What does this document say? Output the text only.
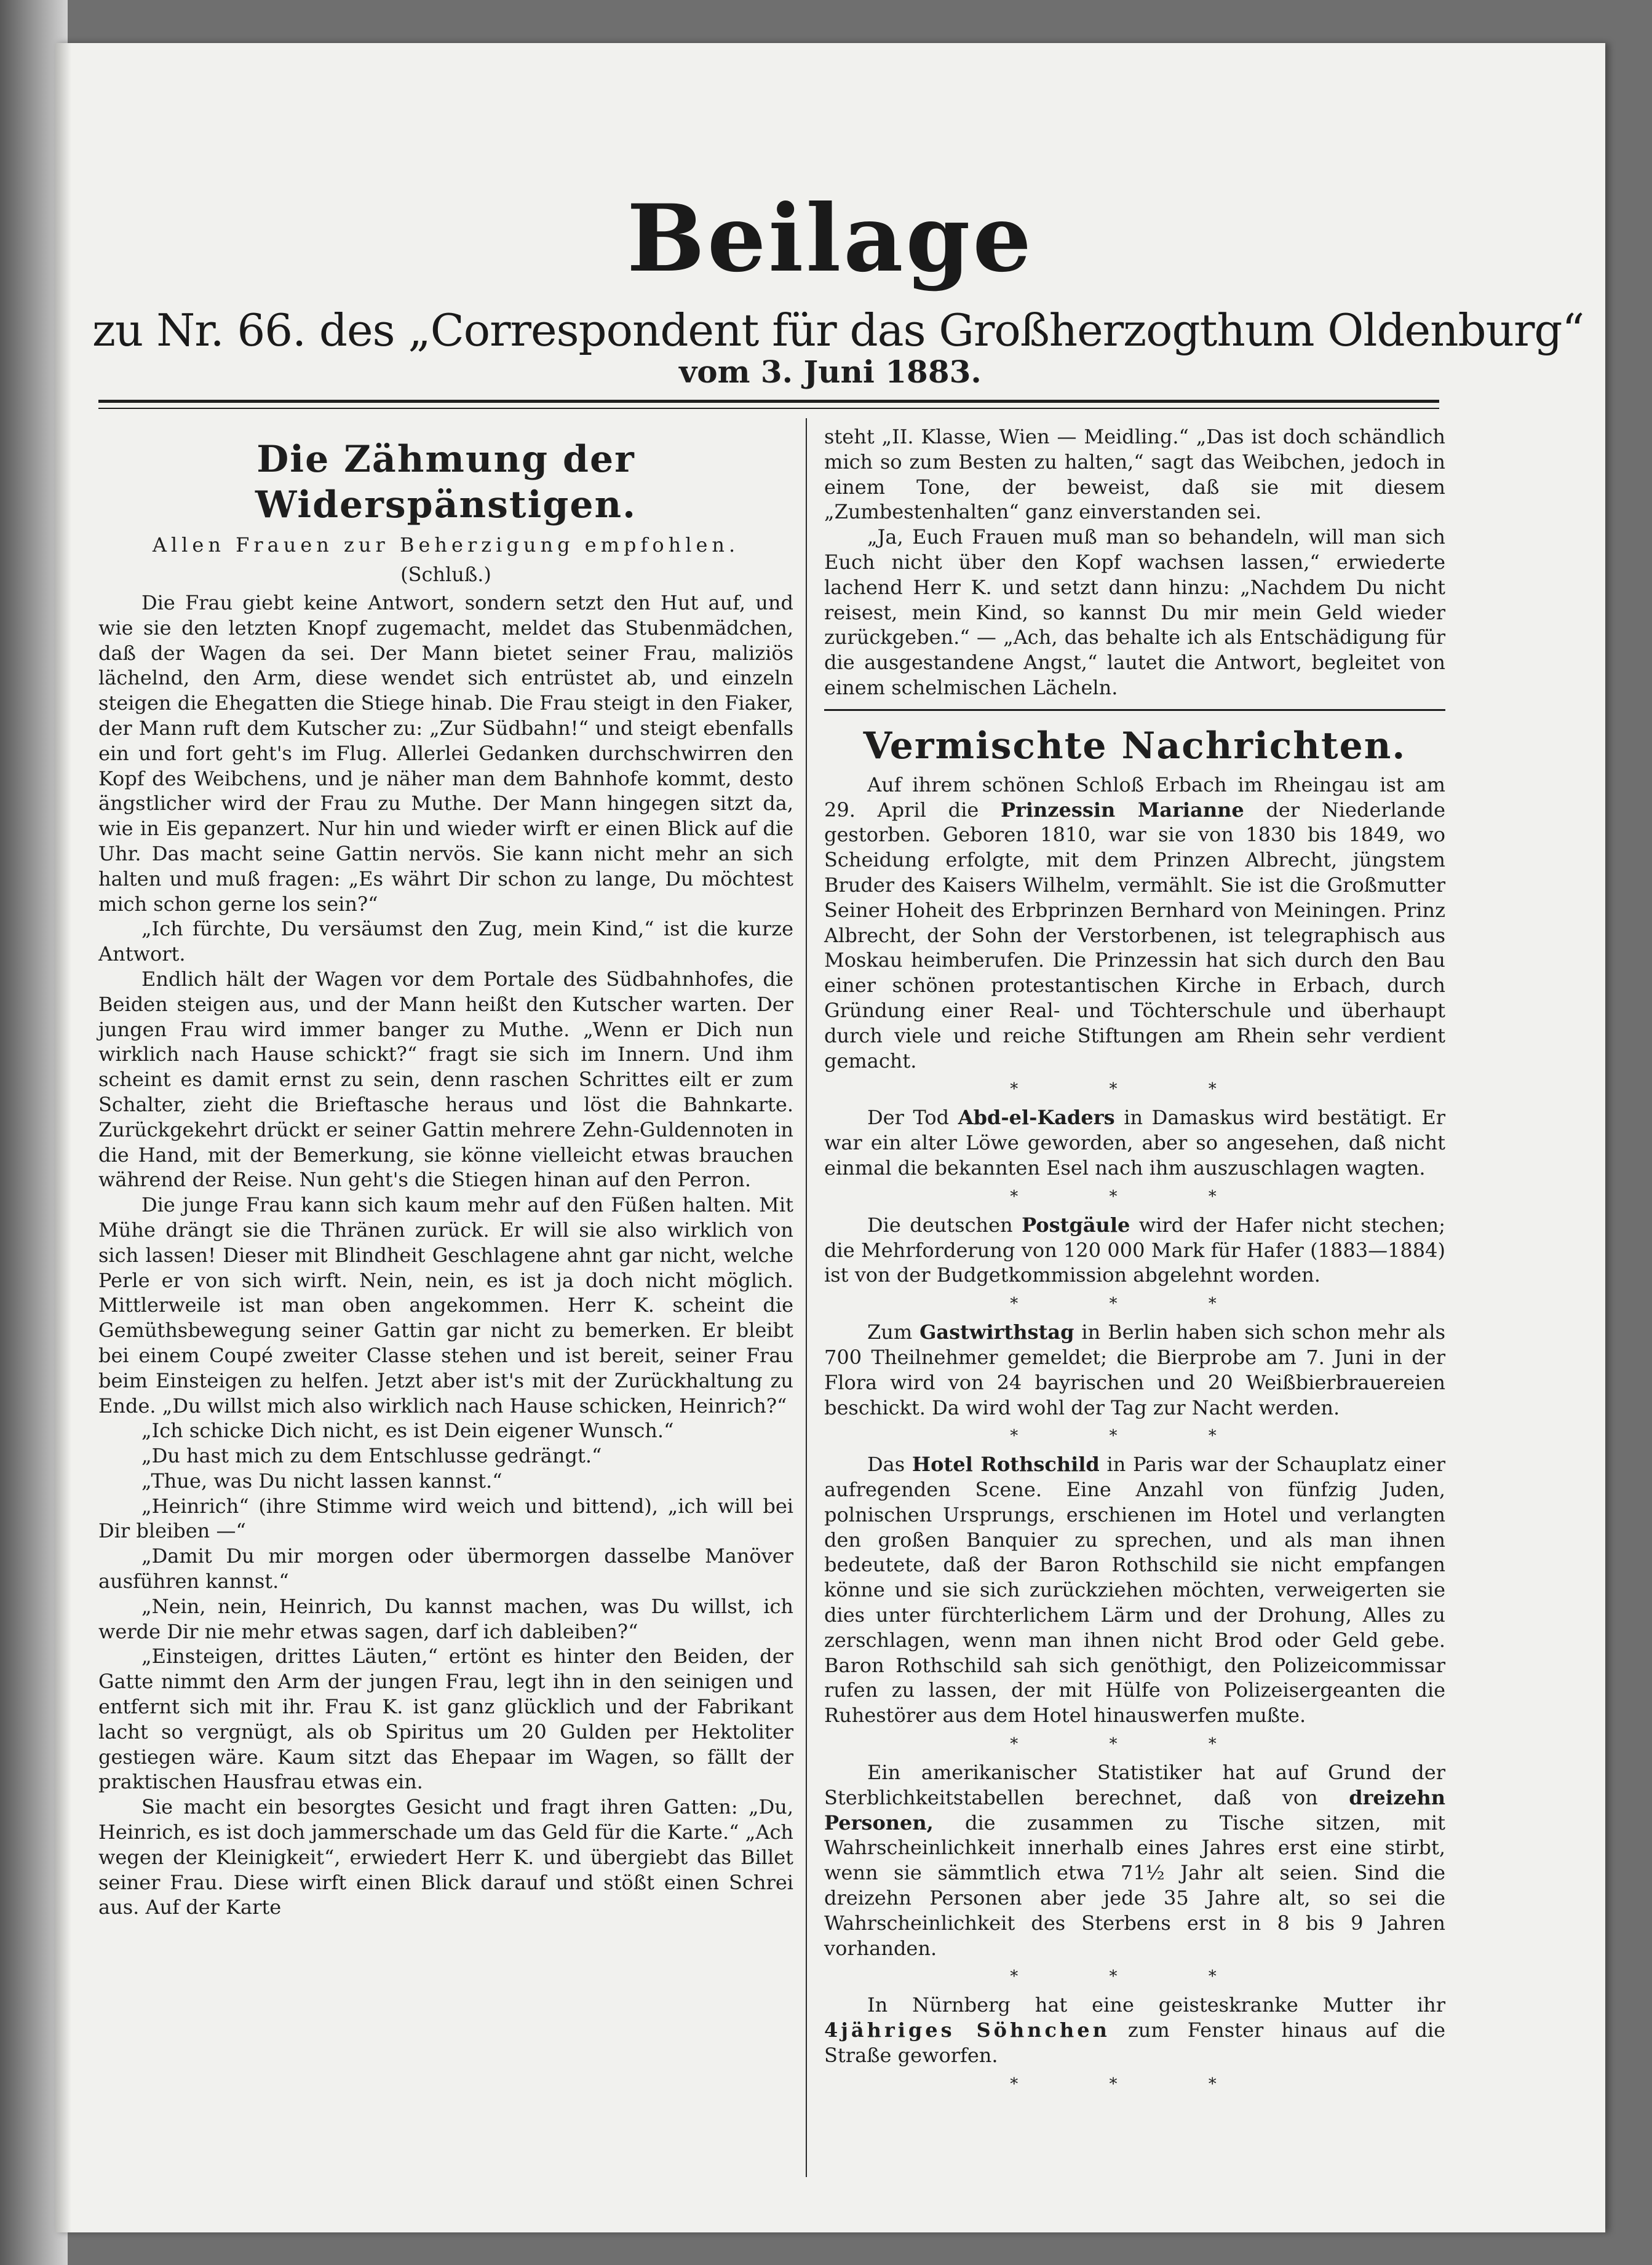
Beilage
zu Nr. 66. des „Correspondent für das Großherzogthum Oldenburg“
vom 3. Juni 1883.
Die Zähmung der Widerspänstigen.
Allen Frauen zur Beherzigung empfohlen.
(Schluß.)

Die Frau giebt keine Antwort, sondern setzt den Hut auf, und wie sie den letzten Knopf zugemacht, meldet das Stubenmädchen, daß der Wagen da sei. Der Mann bietet seiner Frau, maliziös lächelnd, den Arm, diese wendet sich entrüstet ab, und einzeln steigen die Ehegatten die Stiege hinab. Die Frau steigt in den Fiaker, der Mann ruft dem Kutscher zu: „Zur Südbahn!“ und steigt ebenfalls ein und fort geht's im Flug. Allerlei Gedanken durchschwirren den Kopf des Weibchens, und je näher man dem Bahnhofe kommt, desto ängstlicher wird der Frau zu Muthe. Der Mann hingegen sitzt da, wie in Eis gepanzert. Nur hin und wieder wirft er einen Blick auf die Uhr. Das macht seine Gattin nervös. Sie kann nicht mehr an sich halten und muß fragen: „Es währt Dir schon zu lange, Du möchtest mich schon gerne los sein?“

„Ich fürchte, Du versäumst den Zug, mein Kind,“ ist die kurze Antwort.

Endlich hält der Wagen vor dem Portale des Südbahnhofes, die Beiden steigen aus, und der Mann heißt den Kutscher warten. Der jungen Frau wird immer banger zu Muthe. „Wenn er Dich nun wirklich nach Hause schickt?“ fragt sie sich im Innern. Und ihm scheint es damit ernst zu sein, denn raschen Schrittes eilt er zum Schalter, zieht die Brieftasche heraus und löst die Bahnkarte. Zurückgekehrt drückt er seiner Gattin mehrere Zehn-Guldennoten in die Hand, mit der Bemerkung, sie könne vielleicht etwas brauchen während der Reise. Nun geht's die Stiegen hinan auf den Perron.

Die junge Frau kann sich kaum mehr auf den Füßen halten. Mit Mühe drängt sie die Thränen zurück. Er will sie also wirklich von sich lassen! Dieser mit Blindheit Geschlagene ahnt gar nicht, welche Perle er von sich wirft. Nein, nein, es ist ja doch nicht möglich. Mittlerweile ist man oben angekommen. Herr K. scheint die Gemüthsbewegung seiner Gattin gar nicht zu bemerken. Er bleibt bei einem Coupé zweiter Classe stehen und ist bereit, seiner Frau beim Einsteigen zu helfen. Jetzt aber ist's mit der Zurückhaltung zu Ende. „Du willst mich also wirklich nach Hause schicken, Heinrich?“

„Ich schicke Dich nicht, es ist Dein eigener Wunsch.“

„Du hast mich zu dem Entschlusse gedrängt.“

„Thue, was Du nicht lassen kannst.“

„Heinrich“ (ihre Stimme wird weich und bittend), „ich will bei Dir bleiben —“

„Damit Du mir morgen oder übermorgen dasselbe Manöver ausführen kannst.“

„Nein, nein, Heinrich, Du kannst machen, was Du willst, ich werde Dir nie mehr etwas sagen, darf ich dableiben?“

„Einsteigen, drittes Läuten,“ ertönt es hinter den Beiden, der Gatte nimmt den Arm der jungen Frau, legt ihn in den seinigen und entfernt sich mit ihr. Frau K. ist ganz glücklich und der Fabrikant lacht so vergnügt, als ob Spiritus um 20 Gulden per Hektoliter gestiegen wäre. Kaum sitzt das Ehepaar im Wagen, so fällt der praktischen Hausfrau etwas ein.

Sie macht ein besorgtes Gesicht und fragt ihren Gatten: „Du, Heinrich, es ist doch jammerschade um das Geld für die Karte.“ „Ach wegen der Kleinigkeit“, erwiedert Herr K. und übergiebt das Billet seiner Frau. Diese wirft einen Blick darauf und stößt einen Schrei aus. Auf der Karte

steht „II. Klasse, Wien — Meidling.“ „Das ist doch schändlich mich so zum Besten zu halten,“ sagt das Weibchen, jedoch in einem Tone, der beweist, daß sie mit diesem „Zumbestenhalten“ ganz einverstanden sei.

„Ja, Euch Frauen muß man so behandeln, will man sich Euch nicht über den Kopf wachsen lassen,“ erwiederte lachend Herr K. und setzt dann hinzu: „Nachdem Du nicht reisest, mein Kind, so kannst Du mir mein Geld wieder zurückgeben.“ — „Ach, das behalte ich als Entschädigung für die ausgestandene Angst,“ lautet die Antwort, begleitet von einem schelmischen Lächeln.

Vermischte Nachrichten.

Auf ihrem schönen Schloß Erbach im Rheingau ist am 29. April die Prinzessin Marianne der Niederlande gestorben. Geboren 1810, war sie von 1830 bis 1849, wo Scheidung erfolgte, mit dem Prinzen Albrecht, jüngstem Bruder des Kaisers Wilhelm, vermählt. Sie ist die Großmutter Seiner Hoheit des Erbprinzen Bernhard von Meiningen. Prinz Albrecht, der Sohn der Verstorbenen, ist telegraphisch aus Moskau heimberufen. Die Prinzessin hat sich durch den Bau einer schönen protestantischen Kirche in Erbach, durch Gründung einer Real- und Töchterschule und überhaupt durch viele und reiche Stiftungen am Rhein sehr verdient gemacht.

* * *

Der Tod Abd-el-Kaders in Damaskus wird bestätigt. Er war ein alter Löwe geworden, aber so angesehen, daß nicht einmal die bekannten Esel nach ihm auszuschlagen wagten.

* * *

Die deutschen Postgäule wird der Hafer nicht stechen; die Mehrforderung von 120 000 Mark für Hafer (1883—1884) ist von der Budgetkommission abgelehnt worden.

* * *

Zum Gastwirthstag in Berlin haben sich schon mehr als 700 Theilnehmer gemeldet; die Bierprobe am 7. Juni in der Flora wird von 24 bayrischen und 20 Weißbierbrauereien beschickt. Da wird wohl der Tag zur Nacht werden.

* * *

Das Hotel Rothschild in Paris war der Schauplatz einer aufregenden Scene. Eine Anzahl von fünfzig Juden, polnischen Ursprungs, erschienen im Hotel und verlangten den großen Banquier zu sprechen, und als man ihnen bedeutete, daß der Baron Rothschild sie nicht empfangen könne und sie sich zurückziehen möchten, verweigerten sie dies unter fürchterlichem Lärm und der Drohung, Alles zu zerschlagen, wenn man ihnen nicht Brod oder Geld gebe. Baron Rothschild sah sich genöthigt, den Polizeicommissar rufen zu lassen, der mit Hülfe von Polizeisergeanten die Ruhestörer aus dem Hotel hinauswerfen mußte.

* * *

Ein amerikanischer Statistiker hat auf Grund der Sterblichkeitstabellen berechnet, daß von dreizehn Personen, die zusammen zu Tische sitzen, mit Wahrscheinlichkeit innerhalb eines Jahres erst eine stirbt, wenn sie sämmtlich etwa 71½ Jahr alt seien. Sind die dreizehn Personen aber jede 35 Jahre alt, so sei die Wahrscheinlichkeit des Sterbens erst in 8 bis 9 Jahren vorhanden.

* * *

In Nürnberg hat eine geisteskranke Mutter ihr 4jähriges Söhnchen zum Fenster hinaus auf die Straße geworfen.

* * *
